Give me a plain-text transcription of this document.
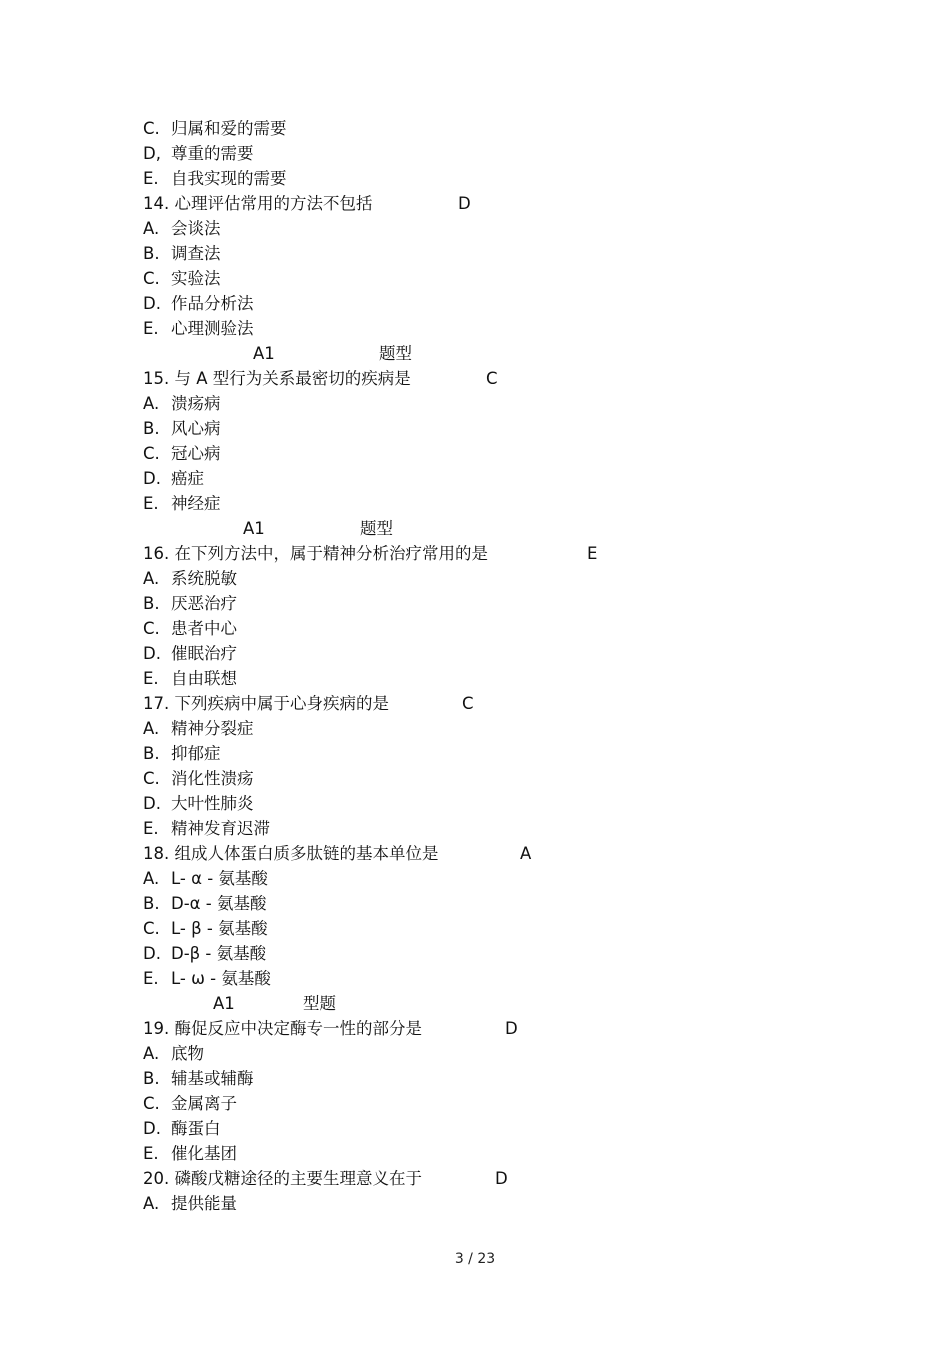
C. 归属和爱的需要
D, 尊重的需要
E. 自我实现的需要
14. 心理评估常用的方法不包括	D
A. 会谈法
B. 调查法
C. 实验法
D. 作品分析法
E. 心理测验法
A1	题型
15. 与 A 型行为关系最密切的疾病是	C
A. 溃疡病
B. 风心病
C. 冠心病
D. 癌症
E. 神经症
A1	题型
16. 在下列方法中，属于精神分析治疗常用的是	E
A. 系统脱敏
B. 厌恶治疗
C. 患者中心
D. 催眠治疗
E. 自由联想
17. 下列疾病中属于心身疾病的是	C
A. 精神分裂症
B. 抑郁症
C. 消化性溃疡
D. 大叶性肺炎
E. 精神发育迟滞
18. 组成人体蛋白质多肽链的基本单位是	A
A. L- α - 氨基酸
B. D-α - 氨基酸
C. L- β - 氨基酸
D. D-β - 氨基酸
E. L- ω - 氨基酸
A1	型题
19. 酶促反应中决定酶专一性的部分是	D
A. 底物
B. 辅基或辅酶
C. 金属离子
D. 酶蛋白
E. 催化基团
20. 磷酸戊糖途径的主要生理意义在于	D
A. 提供能量
3 / 23
